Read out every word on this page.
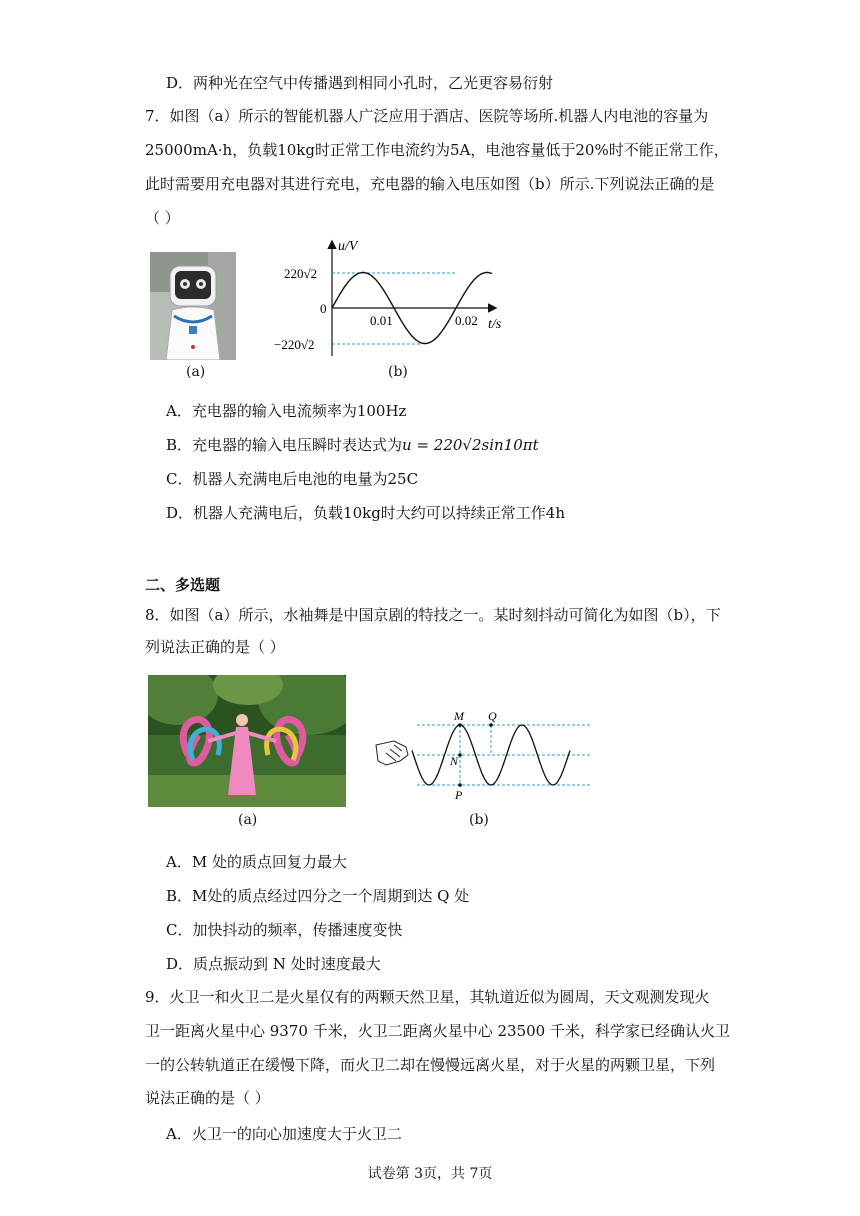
D．两种光在空气中传播遇到相同小孔时，乙光更容易衍射
7．如图（a）所示的智能机器人广泛应用于酒店、医院等场所.机器人内电池的容量为
25000mA·h，负载10kg时正常工作电流约为5A，电池容量低于20%时不能正常工作，
此时需要用充电器对其进行充电，充电器的输入电压如图（b）所示.下列说法正确的是
（ ）
(a)
u/V
t/s
220√2
−220√2
0
0.01	0.02
(b)
A．充电器的输入电流频率为100Hz
B．充电器的输入电压瞬时表达式为u = 220√2sin10πt
C．机器人充满电后电池的电量为25C
D．机器人充满电后，负载10kg时大约可以持续正常工作4h
二、多选题
8．如图（a）所示，水袖舞是中国京剧的特技之一。某时刻抖动可简化为如图（b），下
列说法正确的是（ ）
(a)
M Q
N
P
(b)
A．M 处的质点回复力最大
B．M处的质点经过四分之一个周期到达 Q 处
C．加快抖动的频率，传播速度变快
D．质点振动到 N 处时速度最大
9．火卫一和火卫二是火星仅有的两颗天然卫星，其轨道近似为圆周，天文观测发现火
卫一距离火星中心 9370 千米，火卫二距离火星中心 23500 千米，科学家已经确认火卫
一的公转轨道正在缓慢下降，而火卫二却在慢慢远离火星，对于火星的两颗卫星，下列
说法正确的是（ ）
A．火卫一的向心加速度大于火卫二
试卷第 3页，共 7页
